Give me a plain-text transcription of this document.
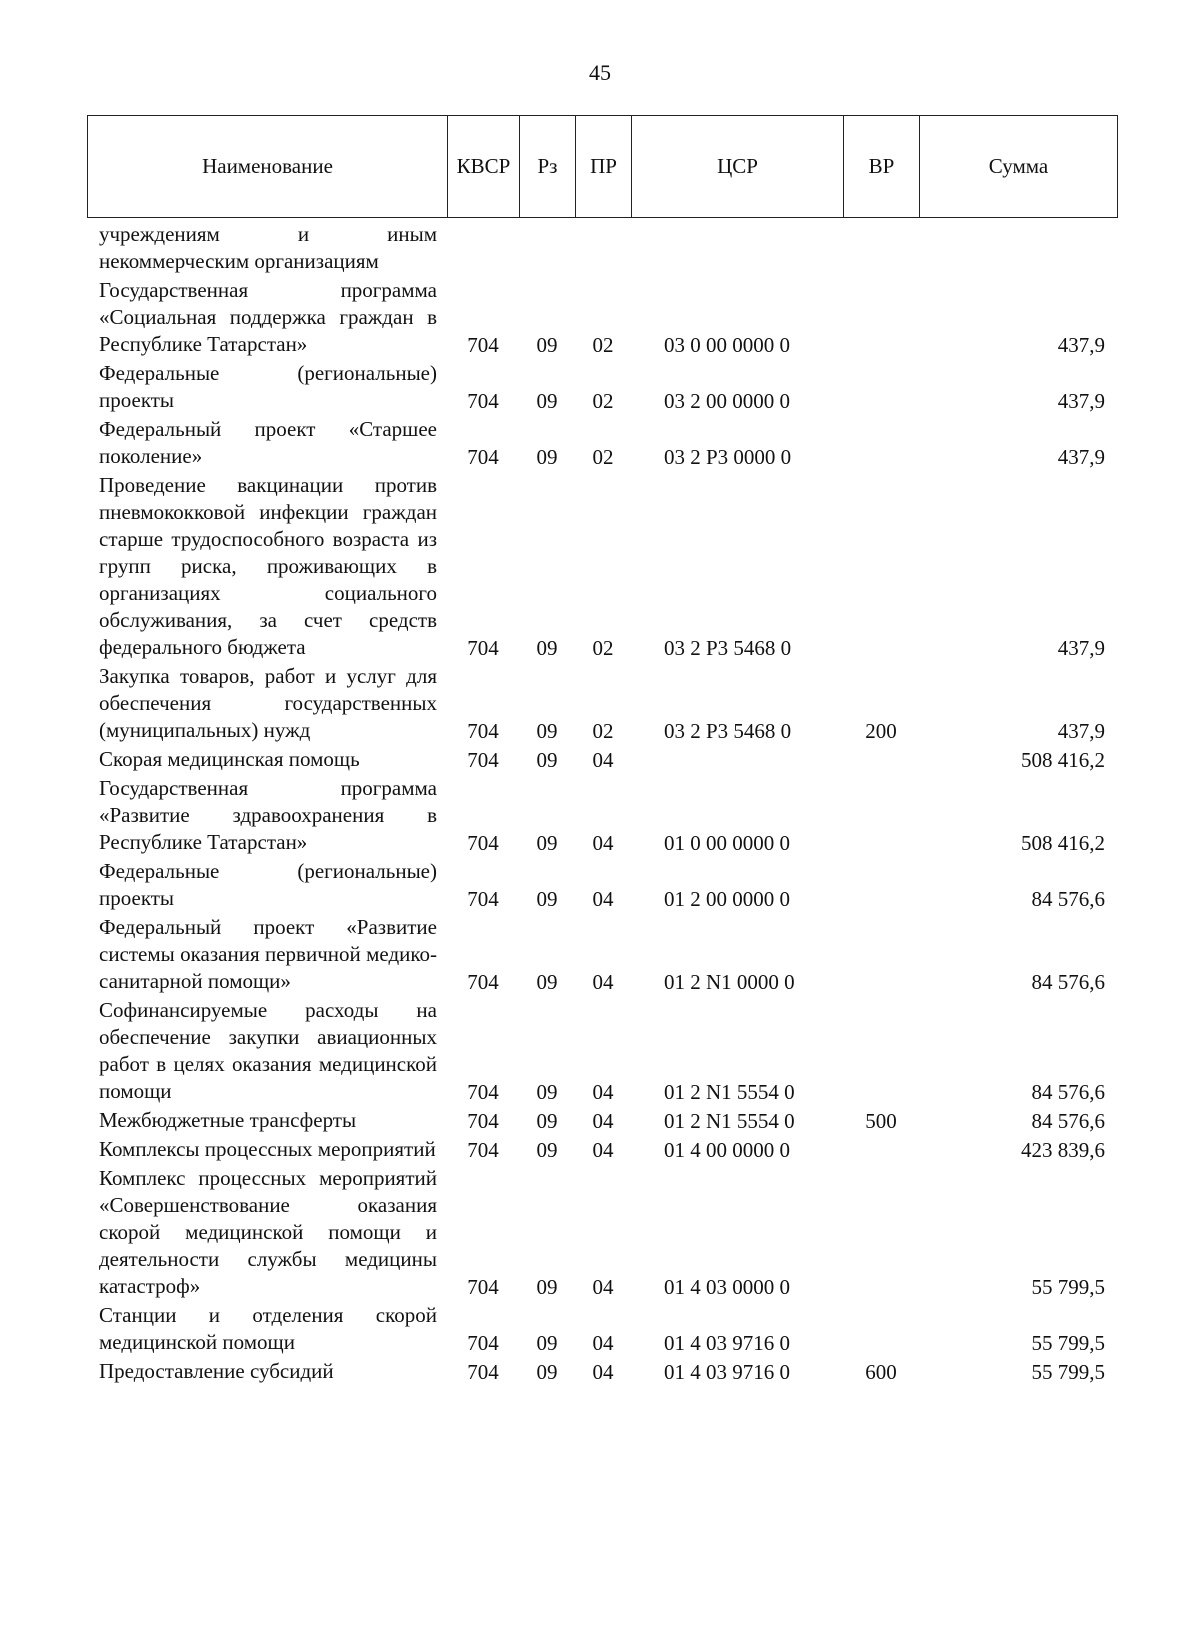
45
Наименование	КВСР	Рз	ПР	ЦСР	ВР	Сумма
учреждениям и иным некоммерческим организациям						
Государственная программа «Социальная поддержка граждан в Республике Татарстан»	704	09	02	03 0 00 0000 0		437,9
Федеральные (региональные) проекты	704	09	02	03 2 00 0000 0		437,9
Федеральный проект «Старшее поколение»	704	09	02	03 2 Р3 0000 0		437,9
Проведение вакцинации против пневмококковой инфекции граждан старше трудоспособного возраста из групп риска, проживающих в организациях социального обслуживания, за счет средств федерального бюджета	704	09	02	03 2 Р3 5468 0		437,9
Закупка товаров, работ и услуг для обеспечения государственных (муниципальных) нужд	704	09	02	03 2 Р3 5468 0	200	437,9
Скорая медицинская помощь	704	09	04			508 416,2
Государственная программа «Развитие здравоохранения в Республике Татарстан»	704	09	04	01 0 00 0000 0		508 416,2
Федеральные (региональные) проекты	704	09	04	01 2 00 0000 0		84 576,6
Федеральный проект «Развитие системы оказания первичной медико-санитарной помощи»	704	09	04	01 2 N1 0000 0		84 576,6
Софинансируемые расходы на обеспечение закупки авиационных работ в целях оказания медицинской помощи	704	09	04	01 2 N1 5554 0		84 576,6
Межбюджетные трансферты	704	09	04	01 2 N1 5554 0	500	84 576,6
Комплексы процессных мероприятий	704	09	04	01 4 00 0000 0		423 839,6
Комплекс процессных мероприятий «Совершенствование оказания скорой медицинской помощи и деятельности службы медицины катастроф»	704	09	04	01 4 03 0000 0		55 799,5
Станции и отделения скорой медицинской помощи	704	09	04	01 4 03 9716 0		55 799,5
Предоставление субсидий	704	09	04	01 4 03 9716 0	600	55 799,5
